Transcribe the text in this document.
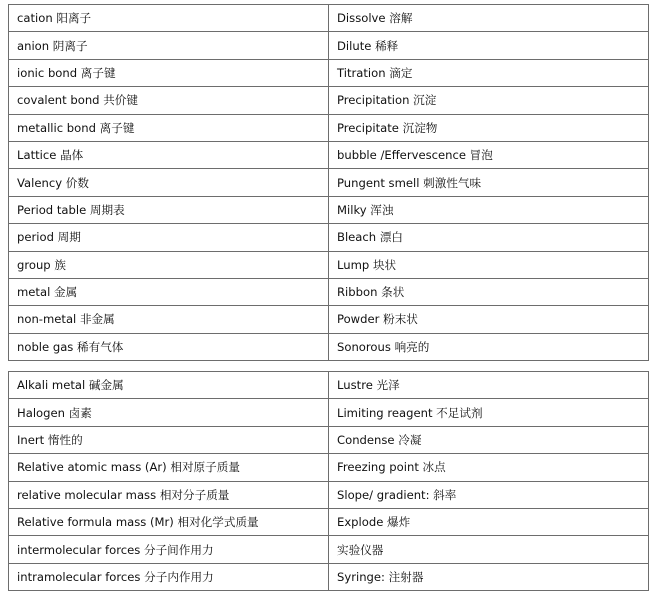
cation 阳离子	Dissolve 溶解
anion 阴离子	Dilute 稀释
ionic bond 离子键	Titration 滴定
covalent bond 共价键	Precipitation 沉淀
metallic bond 离子键	Precipitate 沉淀物
Lattice 晶体	bubble /Effervescence 冒泡
Valency 价数	Pungent smell 刺激性气味
Period table 周期表	Milky 浑浊
period 周期	Bleach 漂白
group 族	Lump 块状
metal 金属	Ribbon 条状
non-metal 非金属	Powder 粉末状
noble gas 稀有气体	Sonorous 响亮的
Alkali metal 碱金属	Lustre 光泽
Halogen 卤素	Limiting reagent 不足试剂
Inert 惰性的	Condense 冷凝
Relative atomic mass (Ar) 相对原子质量	Freezing point 冰点
relative molecular mass 相对分子质量	Slope/ gradient: 斜率
Relative formula mass (Mr) 相对化学式质量	Explode 爆炸
intermolecular forces 分子间作用力	实验仪器
intramolecular forces 分子内作用力	Syringe: 注射器
